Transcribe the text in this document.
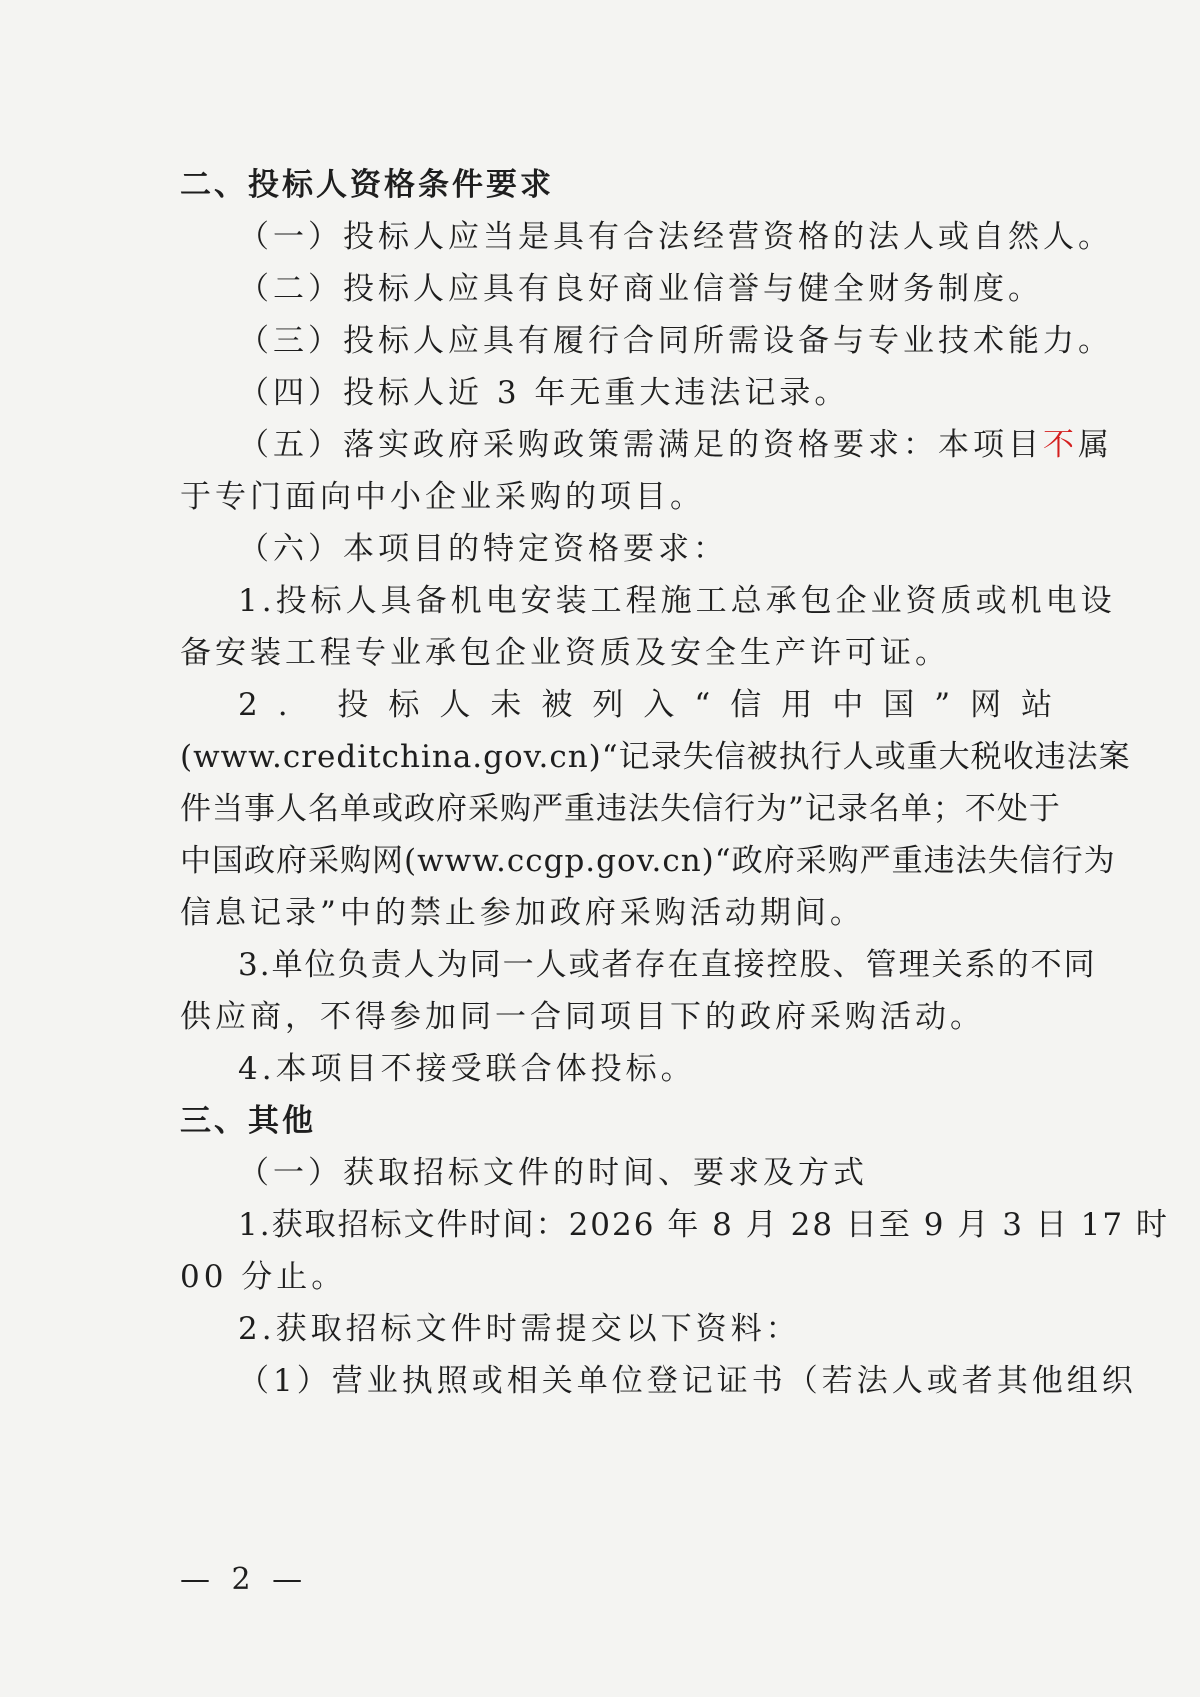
二、投标人资格条件要求
（一）投标人应当是具有合法经营资格的法人或自然人。
（二）投标人应具有良好商业信誉与健全财务制度。
（三）投标人应具有履行合同所需设备与专业技术能力。
（四）投标人近 3 年无重大违法记录。
（五）落实政府采购政策需满足的资格要求：本项目不属
于专门面向中小企业采购的项目。
（六）本项目的特定资格要求：
1.投标人具备机电安装工程施工总承包企业资质或机电设
备安装工程专业承包企业资质及安全生产许可证。
2. 投标人未被列入“信用中国”网站
(www.creditchina.gov.cn)“记录失信被执行人或重大税收违法案
件当事人名单或政府采购严重违法失信行为”记录名单；不处于
中国政府采购网(www.ccgp.gov.cn)“政府采购严重违法失信行为
信息记录”中的禁止参加政府采购活动期间。
3.单位负责人为同一人或者存在直接控股、管理关系的不同
供应商，不得参加同一合同项目下的政府采购活动。
4.本项目不接受联合体投标。
三、其他
（一）获取招标文件的时间、要求及方式
1.获取招标文件时间：2026 年 8 月 28 日至 9 月 3 日 17 时
00 分止。
2.获取招标文件时需提交以下资料：
（1）营业执照或相关单位登记证书（若法人或者其他组织
— 2 —
